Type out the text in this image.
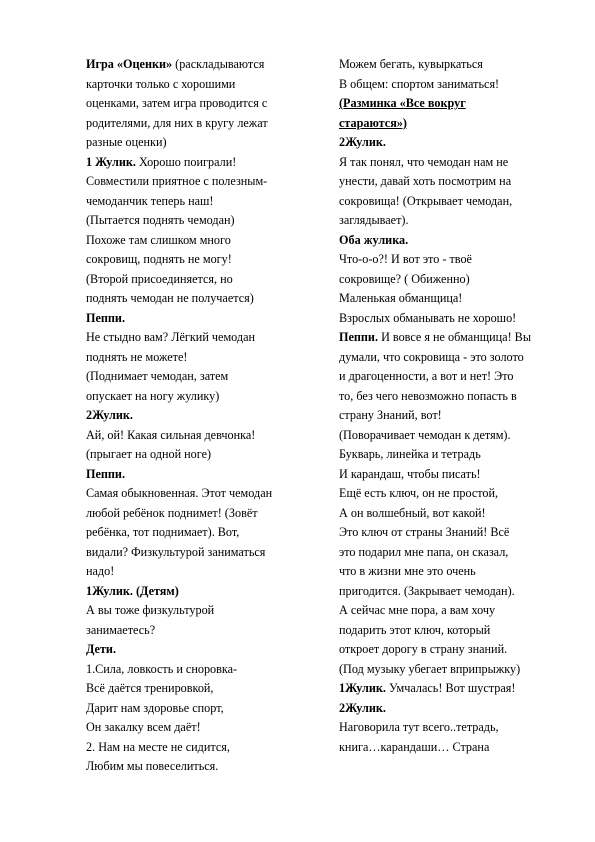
Игра «Оценки» (раскладываются
карточки только с хорошими
оценками, затем игра проводится с
родителями, для них в кругу лежат
разные оценки)
1 Жулик. Хорошо поиграли!
Совместили приятное с полезным-
чемоданчик теперь наш!
(Пытается поднять чемодан)
Похоже там слишком много
сокровищ, поднять не могу!
(Второй присоединяется, но
поднять чемодан не получается)
Пеппи.
Не стыдно вам? Лёгкий чемодан
поднять не можете!
(Поднимает чемодан, затем
опускает на ногу жулику)
2Жулик.
Ай, ой! Какая сильная девчонка!
(прыгает на одной ноге)
Пеппи.
Самая обыкновенная. Этот чемодан
любой ребёнок поднимет! (Зовёт
ребёнка, тот поднимает). Вот,
видали? Физкультурой заниматься
надо!
1Жулик. (Детям)
А вы тоже физкультурой
занимаетесь?
Дети.
1.Сила, ловкость и сноровка-
Всё даётся тренировкой,
Дарит нам здоровье спорт,
Он закалку всем даёт!
2. Нам на месте не сидится,
Любим мы повеселиться.
Можем бегать, кувыркаться
В общем: спортом заниматься!
(Разминка «Все вокруг
стараются»)
2Жулик.
Я так понял, что чемодан нам не
унести, давай хоть посмотрим на
сокровища! (Открывает чемодан,
заглядывает).
Оба жулика.
Что-о-о?! И вот это - твоё
сокровище? ( Обиженно)
Маленькая обманщица!
Взрослых обманывать не хорошо!
Пеппи. И вовсе я не обманщица! Вы
думали, что сокровища - это золото
и драгоценности, а вот и нет! Это
то, без чего невозможно попасть в
страну Знаний, вот!
(Поворачивает чемодан к детям).
Букварь, линейка и тетрадь
И карандаш, чтобы писать!
Ещё есть ключ, он не простой,
А он волшебный, вот какой!
Это ключ от страны Знаний! Всё
это подарил мне папа, он сказал,
что в жизни мне это очень
пригодится. (Закрывает чемодан).
А сейчас мне пора, а вам хочу
подарить этот ключ, который
откроет дорогу в страну знаний.
(Под музыку убегает вприпрыжку)
1Жулик. Умчалась! Вот шустрая!
2Жулик.
Наговорила тут всего..тетрадь,
книга…карандаши… Страна
